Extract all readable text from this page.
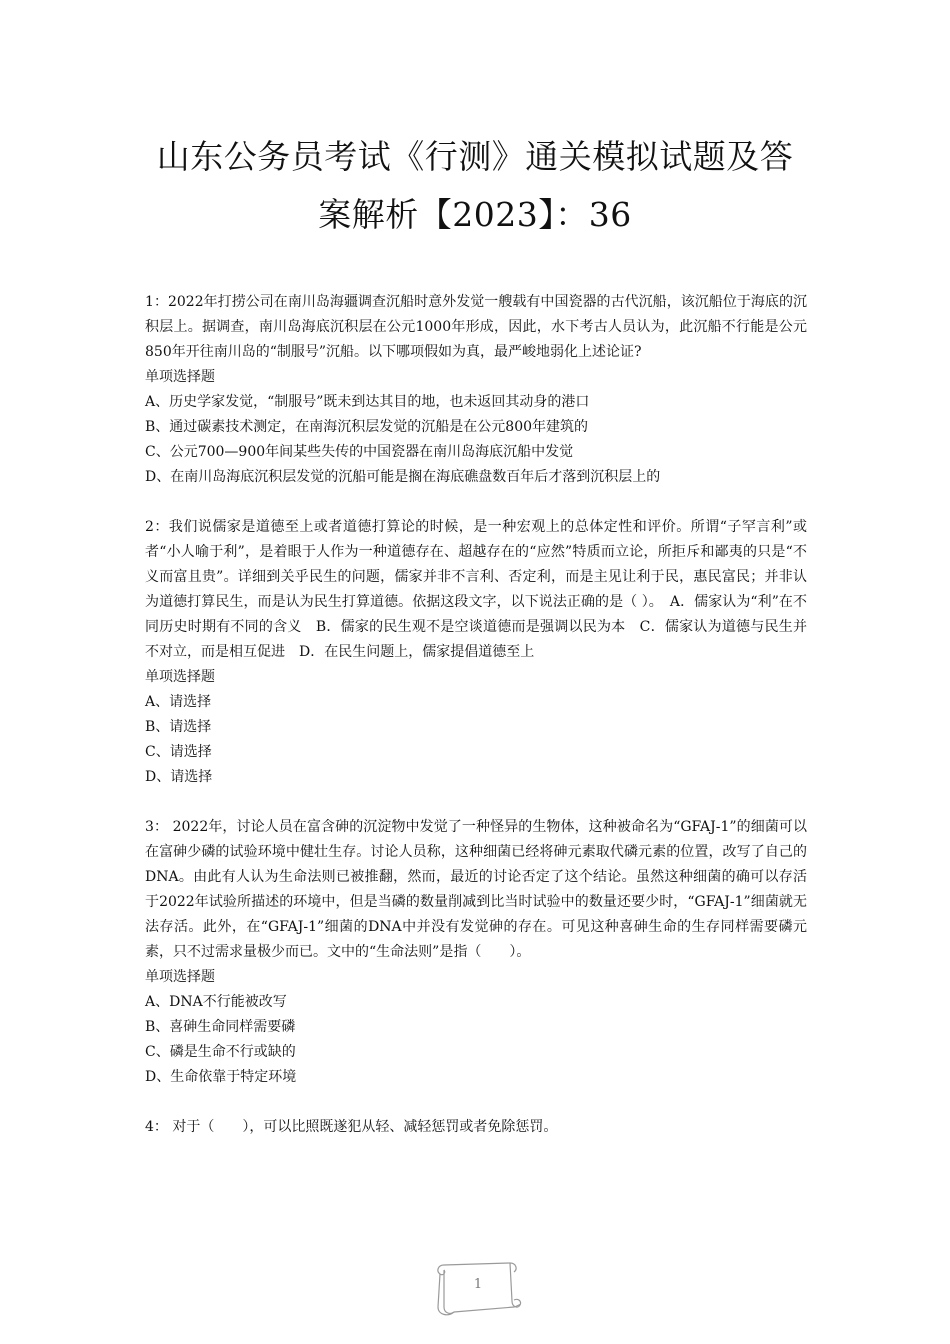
山东公务员考试《行测》通关模拟试题及答
案解析【2023】：36

1：2022年打捞公司在南川岛海疆调查沉船时意外发觉一艘载有中国瓷器的古代沉船，该沉船位于海底的沉积层上。据调查，南川岛海底沉积层在公元1000年形成，因此，水下考古人员认为，此沉船不行能是公元850年开往南川岛的“制服号”沉船。以下哪项假如为真，最严峻地弱化上述论证?

单项选择题

A、历史学家发觉，“制服号”既未到达其目的地，也未返回其动身的港口

B、通过碳素技术测定，在南海沉积层发觉的沉船是在公元800年建筑的

C、公元700—900年间某些失传的中国瓷器在南川岛海底沉船中发觉

D、在南川岛海底沉积层发觉的沉船可能是搁在海底礁盘数百年后才落到沉积层上的

2：我们说儒家是道德至上或者道德打算论的时候，是一种宏观上的总体定性和评价。所谓“子罕言利”或者“小人喻于利”，是着眼于人作为一种道德存在、超越存在的“应然”特质而立论，所拒斥和鄙夷的只是“不义而富且贵”。详细到关乎民生的问题，儒家并非不言利、否定利，而是主见让利于民，惠民富民；并非认为道德打算民生，而是认为民生打算道德。依据这段文字，以下说法正确的是（ ）。　A．儒家认为“利”在不同历史时期有不同的含义　B．儒家的民生观不是空谈道德而是强调以民为本　C．儒家认为道德与民生并不对立，而是相互促进　D．在民生问题上，儒家提倡道德至上

单项选择题

A、请选择

B、请选择

C、请选择

D、请选择

3： 2022年，讨论人员在富含砷的沉淀物中发觉了一种怪异的生物体，这种被命名为“GFAJ-1”的细菌可以在富砷少磷的试验环境中健壮生存。讨论人员称，这种细菌已经将砷元素取代磷元素的位置，改写了自己的DNA。由此有人认为生命法则已被推翻，然而，最近的讨论否定了这个结论。虽然这种细菌的确可以存活于2022年试验所描述的环境中，但是当磷的数量削减到比当时试验中的数量还要少时，“GFAJ-1”细菌就无法存活。此外，在“GFAJ-1”细菌的DNA中并没有发觉砷的存在。可见这种喜砷生命的生存同样需要磷元素，只不过需求量极少而已。文中的“生命法则”是指（　　）。

单项选择题

A、DNA不行能被改写

B、喜砷生命同样需要磷

C、磷是生命不行或缺的

D、生命依靠于特定环境

4： 对于（　　），可以比照既遂犯从轻、减轻惩罚或者免除惩罚。

1
